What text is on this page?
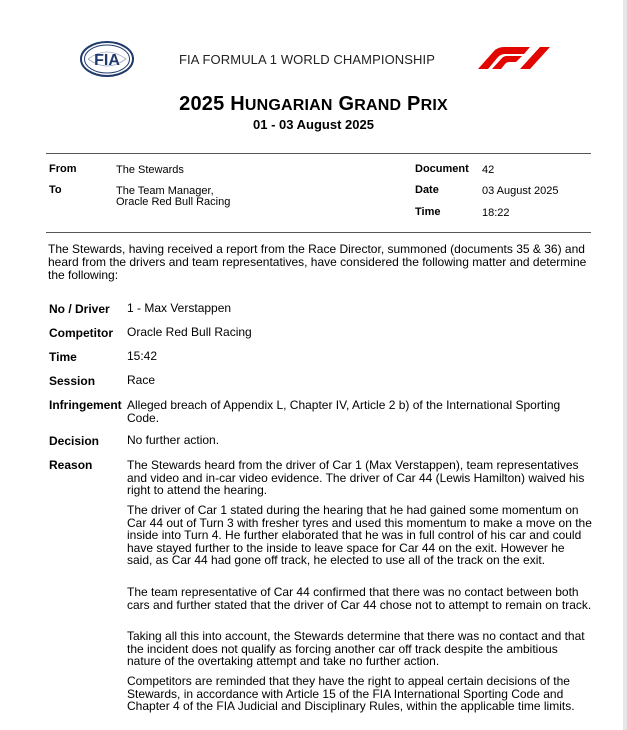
FIA	FIA FORMULA 1 WORLD CHAMPIONSHIP
2025 HUNGARIAN GRAND PRIX
01 - 03 August 2025
From	The Stewards
To	The Team Manager,
Oracle Red Bull Racing
Document 42
Date	03 August 2025
Time	18:22
The Stewards, having received a report from the Race Director, summoned (documents 35 & 36) and heard from the drivers and team representatives, have considered the following matter and determine the following:
No / Driver 1 - Max Verstappen
Competitor Oracle Red Bull Racing
Time	15:42
Session	Race
Infringement Alleged breach of Appendix L, Chapter IV, Article 2 b) of the International Sporting Code.
Decision No further action.
Reason	The Stewards heard from the driver of Car 1 (Max Verstappen), team representatives and video and in-car video evidence. The driver of Car 44 (Lewis Hamilton) waived his right to attend the hearing.
The driver of Car 1 stated during the hearing that he had gained some momentum on Car 44 out of Turn 3 with fresher tyres and used this momentum to make a move on the inside into Turn 4. He further elaborated that he was in full control of his car and could have stayed further to the inside to leave space for Car 44 on the exit. However he said, as Car 44 had gone off track, he elected to use all of the track on the exit.
The team representative of Car 44 confirmed that there was no contact between both cars and further stated that the driver of Car 44 chose not to attempt to remain on track.
Taking all this into account, the Stewards determine that there was no contact and that the incident does not qualify as forcing another car off track despite the ambitious nature of the overtaking attempt and take no further action.
Competitors are reminded that they have the right to appeal certain decisions of the Stewards, in accordance with Article 15 of the FIA International Sporting Code and Chapter 4 of the FIA Judicial and Disciplinary Rules, within the applicable time limits.
